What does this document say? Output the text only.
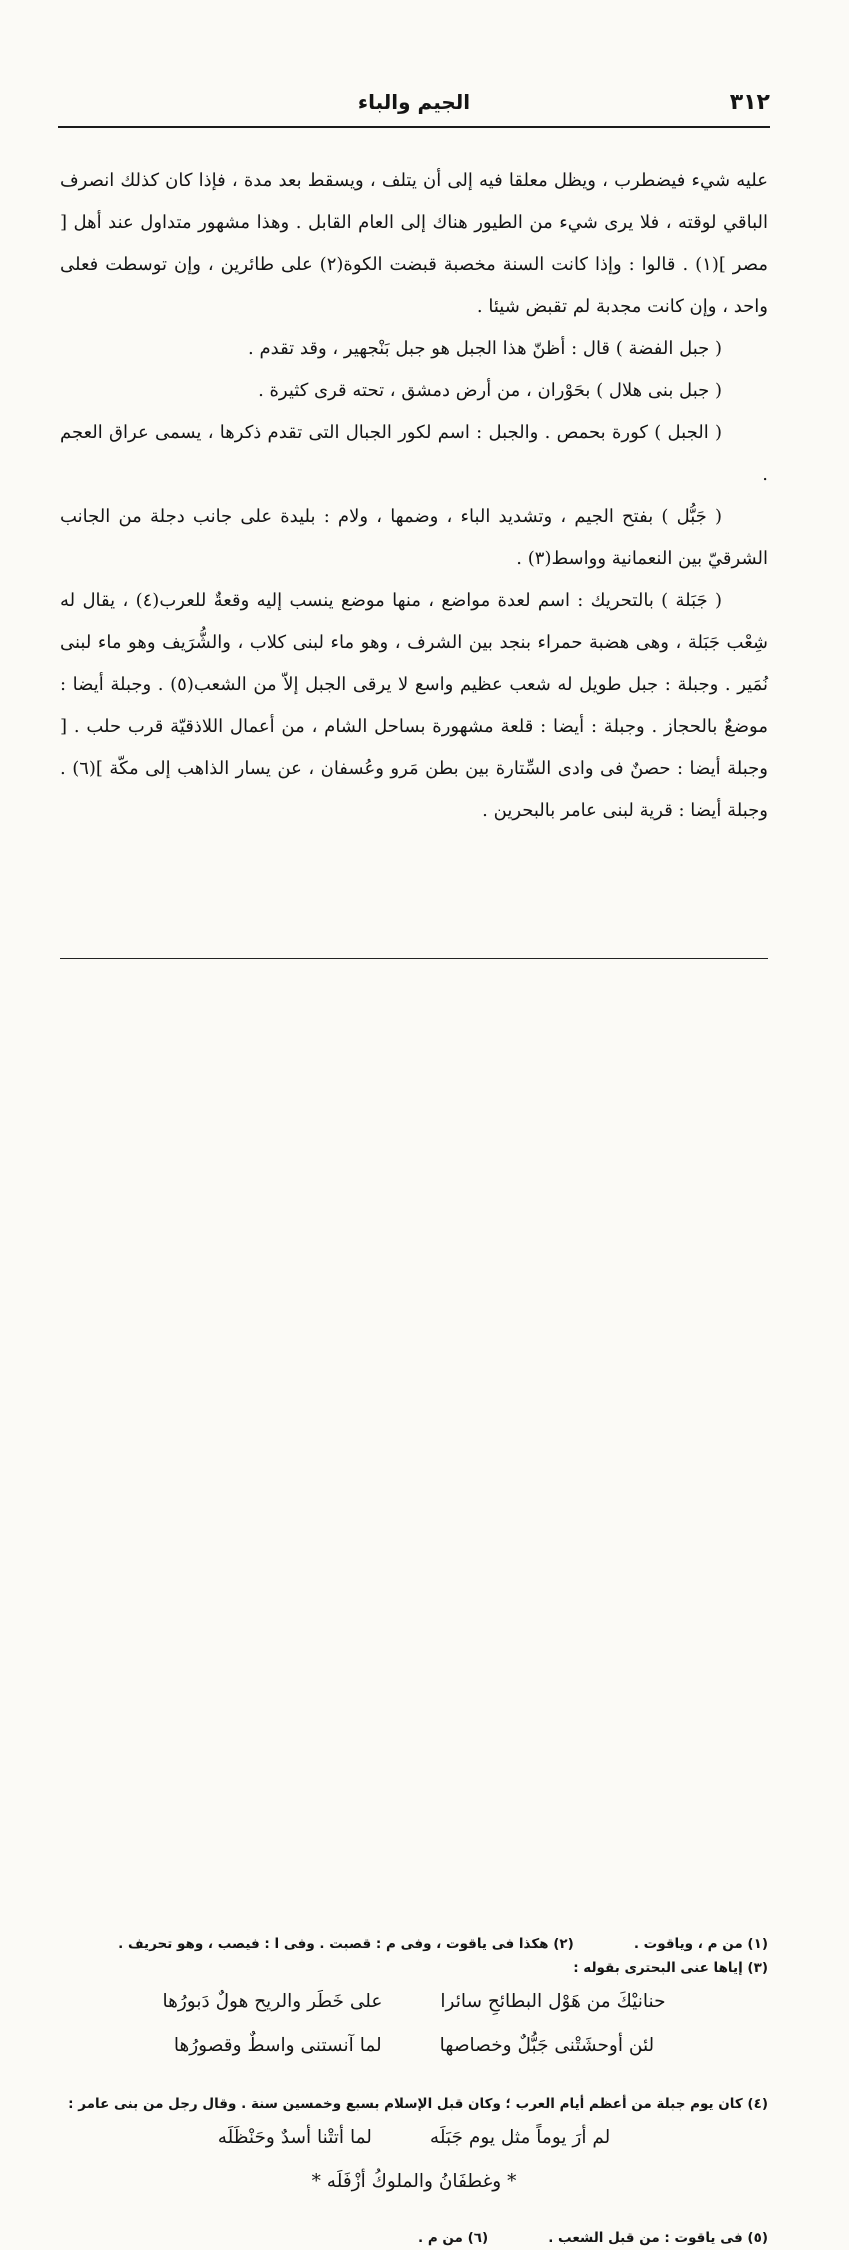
٣١٢
الجيم والباء

عليه شيء فيضطرب ، ويظل معلقا فيه إلى أن يتلف ، ويسقط بعد مدة ، فإذا كان كذلك انصرف الباقي لوقته ، فلا يرى شيء من الطيور هناك إلى العام القابل . وهذا مشهور متداول عند أهل [ مصر ](١) . قالوا : وإذا كانت السنة مخصبة قبضت الكوة(٢) على طائرين ، وإن توسطت فعلى واحد ، وإن كانت مجدبة لم تقبض شيئا .

( جبل الفضة ) قال : أظنّ هذا الجبل هو جبل بَنْجهير ، وقد تقدم .

( جبل بنى هلال ) بحَوْران ، من أرض دمشق ، تحته قرى كثيرة .

( الجبل ) كورة بحمص . والجبل : اسم لكور الجبال التى تقدم ذكرها ، يسمى عراق العجم .

( جَبُّل ) بفتح الجيم ، وتشديد الباء ، وضمها ، ولام : بليدة على جانب دجلة من الجانب الشرقيّ بين النعمانية وواسط(٣) .

( جَبَلة ) بالتحريك : اسم لعدة مواضع ، منها موضع ينسب إليه وقعةٌ للعرب(٤) ، يقال له شِعْب جَبَلة ، وهى هضبة حمراء بنجد بين الشرف ، وهو ماء لبنى كلاب ، والشُّرَيف وهو ماء لبنى نُمَير . وجبلة : جبل طويل له شعب عظيم واسع لا يرقى الجبل إلاّ من الشعب(٥) . وجبلة أيضا : موضعٌ بالحجاز . وجبلة : أيضا : قلعة مشهورة بساحل الشام ، من أعمال اللاذقيّة قرب حلب . [ وجبلة أيضا : حصنٌ فى وادى السِّتارة بين بطن مَرو وعُسفان ، عن يسار الذاهب إلى مكّة ](٦) . وجبلة أيضا : قرية لبنى عامر بالبحرين .

(١) من م ، وياقوت .
(٢) هكذا فى ياقوت ، وفى م : قصبت . وفى ا : فيصب ، وهو تحريف .
(٣) إياها عنى البحترى بقوله :
حنانيْكَ من هَوْل البطائحِ سائرا
على خَطَر والريح هولٌ دَبورُها
لئن أوحشَتْنى جَبُّلٌ وخصاصها
لما آنستنى واسطٌ وقصورُها
(٤) كان يوم جبلة من أعظم أيام العرب ؛ وكان قبل الإسلام بسبع وخمسين سنة . وقال رجل من بنى عامر :
لم أرَ يوماً مثل يوم جَبَلَه
لما أتتْنا أسدٌ وحَنْظَلَه
* وغطفَانُ والملوكُ أزْفَلَه *
(٥) فى ياقوت : من قبل الشعب .
(٦) من م .
